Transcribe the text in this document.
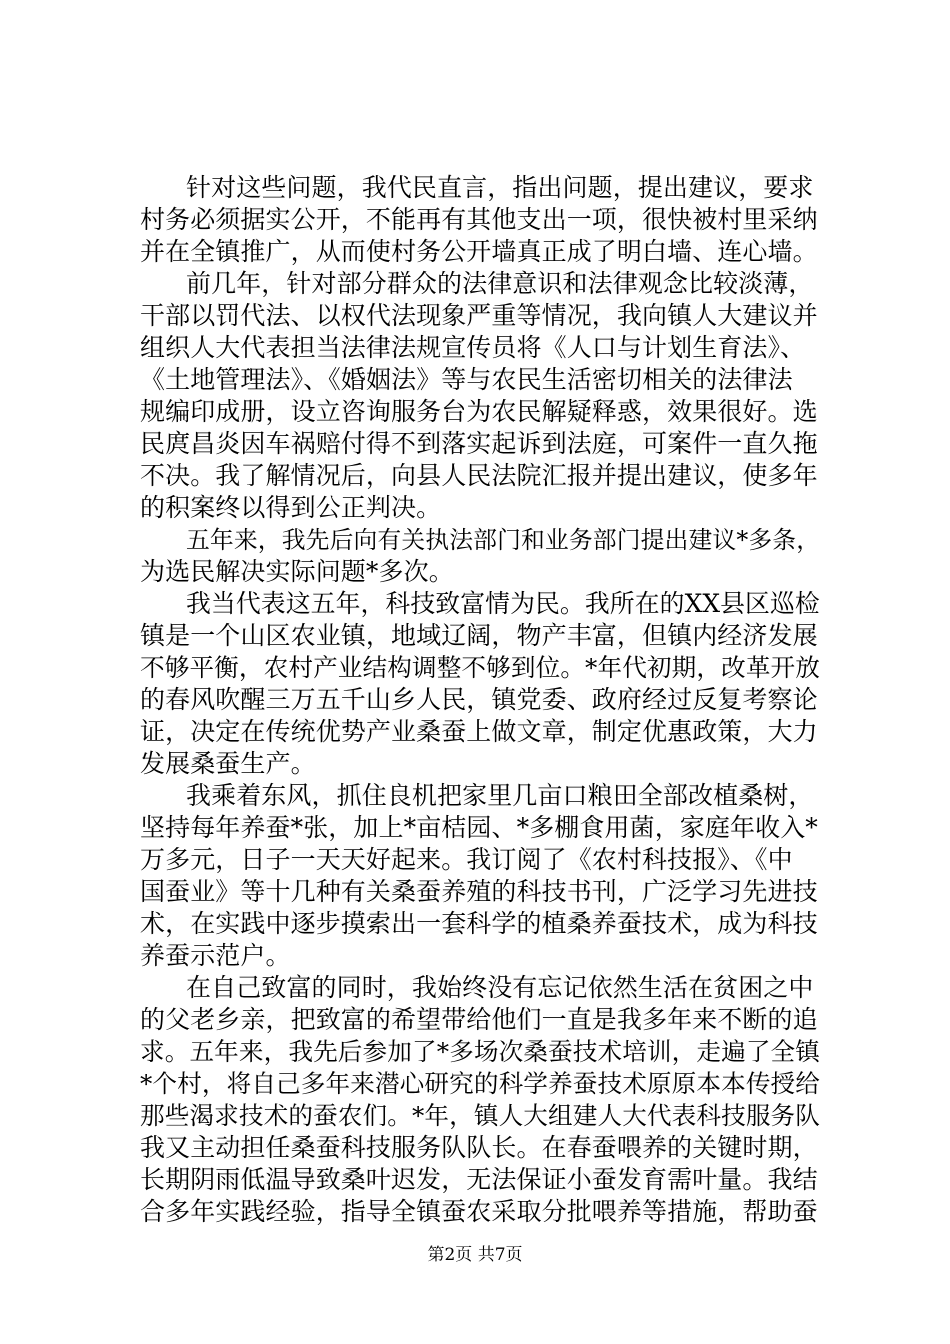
针对这些问题，我代民直言，指出问题，提出建议，要求
村务必须据实公开，不能再有其他支出一项，很快被村里采纳
并在全镇推广，从而使村务公开墙真正成了明白墙、连心墙。
前几年，针对部分群众的法律意识和法律观念比较淡薄，
干部以罚代法、以权代法现象严重等情况，我向镇人大建议并
组织人大代表担当法律法规宣传员将《人口与计划生育法》、
《土地管理法》、《婚姻法》等与农民生活密切相关的法律法
规编印成册，设立咨询服务台为农民解疑释惑，效果很好。选
民庹昌炎因车祸赔付得不到落实起诉到法庭，可案件一直久拖
不决。我了解情况后，向县人民法院汇报并提出建议，使多年
的积案终以得到公正判决。
五年来，我先后向有关执法部门和业务部门提出建议*多条，
为选民解决实际问题*多次。
我当代表这五年，科技致富情为民。我所在的XX县区巡检
镇是一个山区农业镇，地域辽阔，物产丰富，但镇内经济发展
不够平衡，农村产业结构调整不够到位。*年代初期，改革开放
的春风吹醒三万五千山乡人民，镇党委、政府经过反复考察论
证，决定在传统优势产业桑蚕上做文章，制定优惠政策，大力
发展桑蚕生产。
我乘着东风，抓住良机把家里几亩口粮田全部改植桑树，
坚持每年养蚕*张，加上*亩桔园、*多棚食用菌，家庭年收入*
万多元，日子一天天好起来。我订阅了《农村科技报》、《中
国蚕业》等十几种有关桑蚕养殖的科技书刊，广泛学习先进技
术，在实践中逐步摸索出一套科学的植桑养蚕技术，成为科技
养蚕示范户。
在自己致富的同时，我始终没有忘记依然生活在贫困之中
的父老乡亲，把致富的希望带给他们一直是我多年来不断的追
求。五年来，我先后参加了*多场次桑蚕技术培训，走遍了全镇
*个村，将自己多年来潜心研究的科学养蚕技术原原本本传授给
那些渴求技术的蚕农们。*年，镇人大组建人大代表科技服务队
我又主动担任桑蚕科技服务队队长。在春蚕喂养的关键时期，
长期阴雨低温导致桑叶迟发，无法保证小蚕发育需叶量。我结
合多年实践经验，指导全镇蚕农采取分批喂养等措施，帮助蚕
第2页 共7页
